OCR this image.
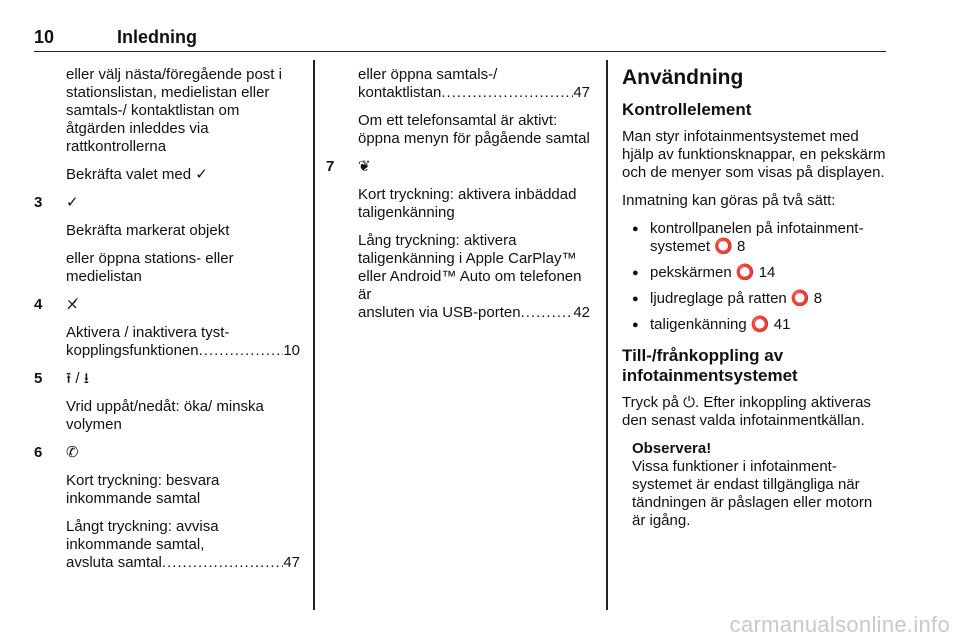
10	Inledning

eller välj nästa/föregående post i stationslistan, medielistan eller samtals-/ kontaktlistan om åtgärden inleddes via rattkontrollerna

Bekräfta valet med ✓

3 ✓

Bekräfta markerat objekt

eller öppna stations- eller medielistan

4 ⨯̸
Aktivera / inaktivera tyst-
kopplingsfunktionen .....	10
5 ⭱ / ⭳

Vrid uppåt/nedåt: öka/ minska volymen

6 ✆

Kort tryckning: besvara inkommande samtal

Långt tryckning: avvisa inkommande samtal,
avsluta samtal .....	47
eller öppna samtals-/
kontaktlistan .....	47

Om ett telefonsamtal är aktivt: öppna menyn för pågående samtal

7 ❦

Kort tryckning: aktivera inbäddad taligenkänning

Lång tryckning: aktivera taligenkänning i Apple CarPlay™ eller Android™ Auto om telefonen är
ansluten via USB-porten .....	42
Användning
Kontrollelement

Man styr infotainmentsystemet med hjälp av funktionsknappar, en pekskärm och de menyer som visas på displayen.

Inmatning kan göras på två sätt:

● kontrollpanelen på infotainment- systemet ⭕ 8
● pekskärmen ⭕ 14
● ljudreglage på ratten ⭕ 8
● taligenkänning ⭕ 41
Till-/frånkoppling av infotainmentsystemet

Tryck på ⏻. Efter inkoppling aktiveras den senast valda infotainmentkällan.

Observera!
Vissa funktioner i infotainment- systemet är endast tillgängliga när tändningen är påslagen eller motorn är igång.
carmanualsonline.info
